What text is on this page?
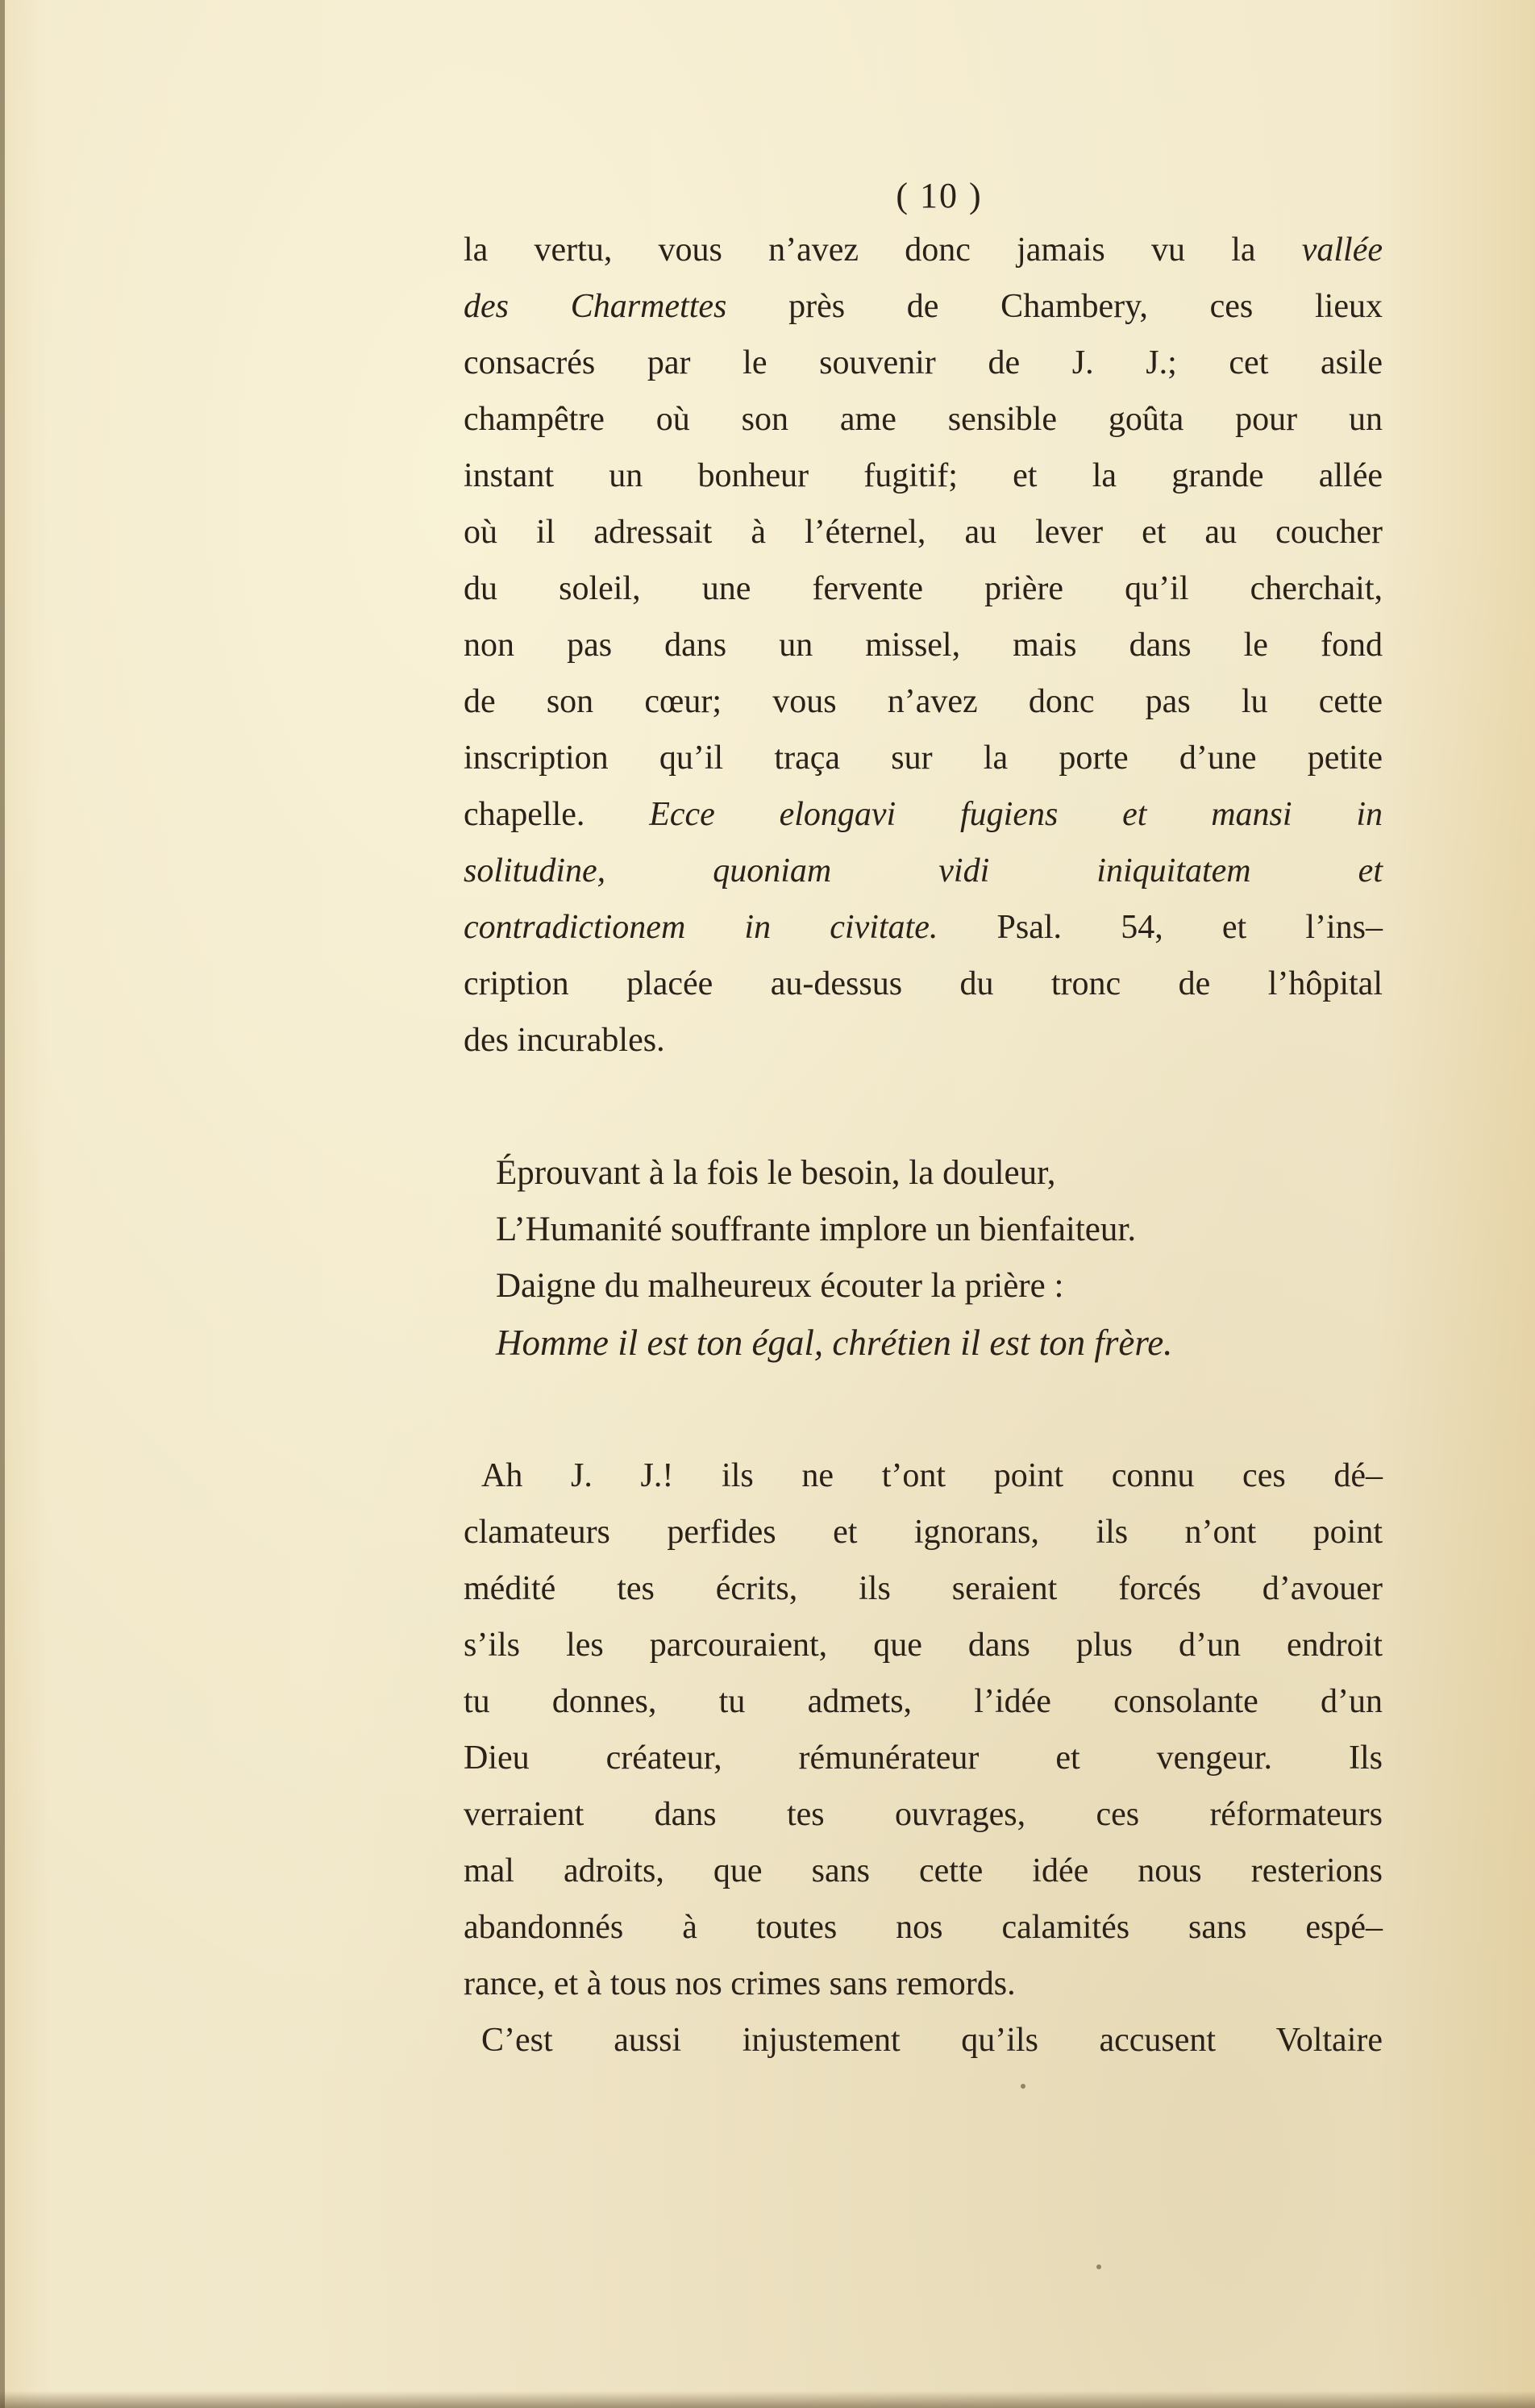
( 10 )

la vertu, vous n’avez donc jamais vu la vallée
des Charmettes près de Chambery, ces lieux
consacrés par le souvenir de J. J.; cet asile
champêtre où son ame sensible goûta pour un
instant un bonheur fugitif; et la grande allée
où il adressait à l’éternel, au lever et au coucher
du soleil, une fervente prière qu’il cherchait,
non pas dans un missel, mais dans le fond
de son cœur; vous n’avez donc pas lu cette
inscription qu’il traça sur la porte d’une petite
chapelle. Ecce elongavi fugiens et mansi in
solitudine, quoniam vidi iniquitatem et
contradictionem in civitate. Psal. 54, et l’ins–
cription placée au-dessus du tronc de l’hôpital
des incurables.

Éprouvant à la fois le besoin, la douleur,
L’Humanité souffrante implore un bienfaiteur.
Daigne du malheureux écouter la prière :
Homme il est ton égal, chrétien il est ton frère.

Ah J. J.! ils ne t’ont point connu ces dé–
clamateurs perfides et ignorans, ils n’ont point
médité tes écrits, ils seraient forcés d’avouer
s’ils les parcouraient, que dans plus d’un endroit
tu donnes, tu admets, l’idée consolante d’un
Dieu créateur, rémunérateur et vengeur. Ils
verraient dans tes ouvrages, ces réformateurs
mal adroits, que sans cette idée nous resterions
abandonnés à toutes nos calamités sans espé–
rance, et à tous nos crimes sans remords.
C’est aussi injustement qu’ils accusent Voltaire
